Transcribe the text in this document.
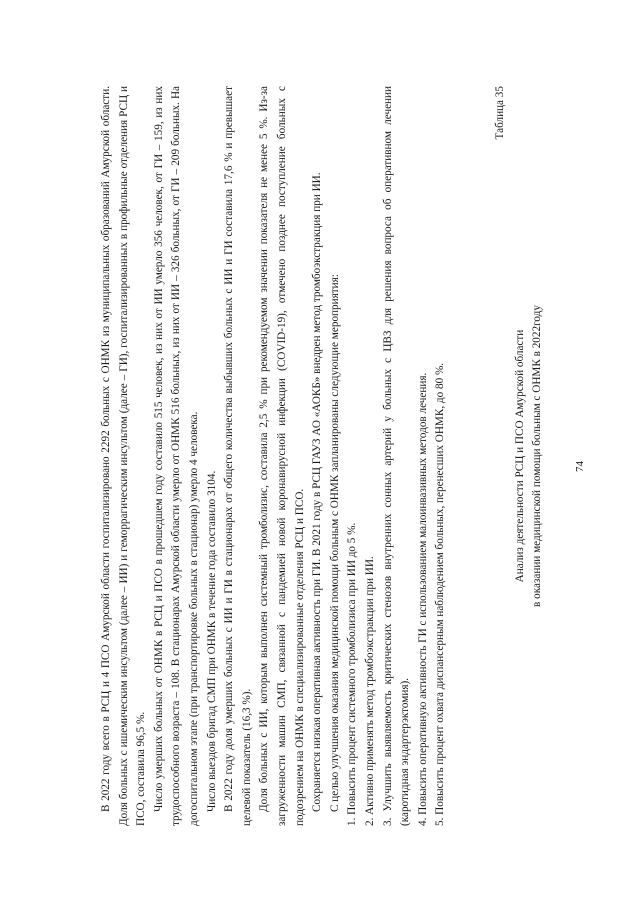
74

В 2022 году всего в РСЦ и 4 ПСО Амурской области госпитализировано 2292 больных с ОНМК из муниципальных образований Амурской области. Доля больных с ишемическим инсультом (далее – ИИ) и геморрагическим инсультом (далее – ГИ), госпитализированных в профильные отделения РСЦ и ПСО, составила 96,5 %. Число умерших больных от ОНМК в РСЦ и ПСО в прошедшем году составило 515 человек, из них от ИИ умерло 356 человек, от ГИ – 159, из них трудоспособного возраста – 108. В стационарах Амурской области умерло от ОНМК 516 больных, из них от ИИ – 326 больных, от ГИ – 209 больных. На догоспитальном этапе (при транспортировке больных в стационар) умерло 4 человека. Число выездов бригад СМП при ОНМК в течение года составило 3104. В 2022 году доля умерших больных с ИИ и ГИ в стационарах от общего количества выбывших больных с ИИ и ГИ составила 17,6 % и превышает целевой показатель (16,3 %). Доля больных с ИИ, которым выполнен системный тромболизис, составила 2,5 % при рекомендуемом значении показателя не менее 5 %. Из-за загруженности машин СМП, связанной с пандемией новой коронавирусной инфекции (COVID-19), отмечено позднее поступление больных с подозрением на ОНМК в специализированные отделения РСЦ и ПСО. Сохраняется низкая оперативная активность при ГИ. В 2021 году в РСЦ ГАУЗ АО «АОКБ» внедрен метод тромбоэкстракция при ИИ. С целью улучшения оказания медицинской помощи больным с ОНМК запланированы следующие мероприятия: 1. Повысить процент системного тромболизиса при ИИ до 5 %. 2. Активно применять метод тромбоэкстракции при ИИ. 3. Улучшить выявляемость критических стенозов внутренних сонных артерий у больных с ЦВЗ для решения вопроса об оперативном лечении (каротидная эндартерэктомия). 4. Повысить оперативную активность ГИ с использованием малоинвазивных методов лечения. 5. Повысить процент охвата диспансерным наблюдением больных, перенесших ОНМК, до 80 %.
Таблица 35
Анализ деятельности РСЦ и ПСО Амурской области в оказании медицинской помощи больным с ОНМК в 2022году
